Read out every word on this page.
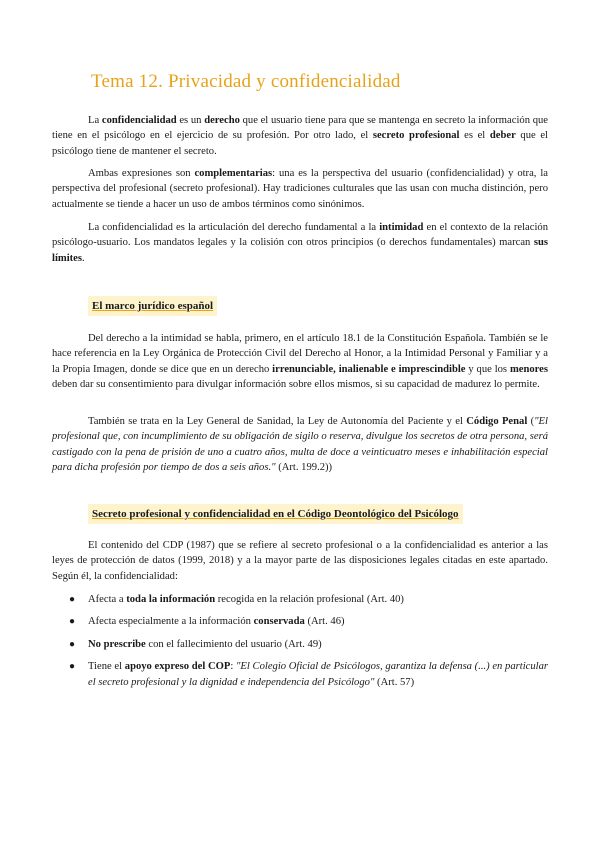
Tema 12. Privacidad y confidencialidad

La confidencialidad es un derecho que el usuario tiene para que se mantenga en secreto la información que tiene en el psicólogo en el ejercicio de su profesión. Por otro lado, el secreto profesional es el deber que el psicólogo tiene de mantener el secreto.

Ambas expresiones son complementarias: una es la perspectiva del usuario (confidencialidad) y otra, la perspectiva del profesional (secreto profesional). Hay tradiciones culturales que las usan con mucha distinción, pero actualmente se tiende a hacer un uso de ambos términos como sinónimos.

La confidencialidad es la articulación del derecho fundamental a la intimidad en el contexto de la relación psicólogo-usuario. Los mandatos legales y la colisión con otros principios (o derechos fundamentales) marcan sus límites.

El marco jurídico español

Del derecho a la intimidad se habla, primero, en el artículo 18.1 de la Constitución Española. También se le hace referencia en la Ley Orgánica de Protección Civil del Derecho al Honor, a la Intimidad Personal y Familiar y a la Propia Imagen, donde se dice que en un derecho irrenunciable, inalienable e imprescindible y que los menores deben dar su consentimiento para divulgar información sobre ellos mismos, si su capacidad de madurez lo permite.

También se trata en la Ley General de Sanidad, la Ley de Autonomía del Paciente y el Código Penal ("El profesional que, con incumplimiento de su obligación de sigilo o reserva, divulgue los secretos de otra persona, será castigado con la pena de prisión de uno a cuatro años, multa de doce a veinticuatro meses e inhabilitación especial para dicha profesión por tiempo de dos a seis años." (Art. 199.2))

Secreto profesional y confidencialidad en el Código Deontológico del Psicólogo

El contenido del CDP (1987) que se refiere al secreto profesional o a la confidencialidad es anterior a las leyes de protección de datos (1999, 2018) y a la mayor parte de las disposiciones legales citadas en este apartado. Según él, la confidencialidad:

● Afecta a toda la información recogida en la relación profesional (Art. 40)
● Afecta especialmente a la información conservada (Art. 46)
● No prescribe con el fallecimiento del usuario (Art. 49)
● Tiene el apoyo expreso del COP: "El Colegio Oficial de Psicólogos, garantiza la defensa (...) en particular el secreto profesional y la dignidad e independencia del Psicólogo" (Art. 57)
